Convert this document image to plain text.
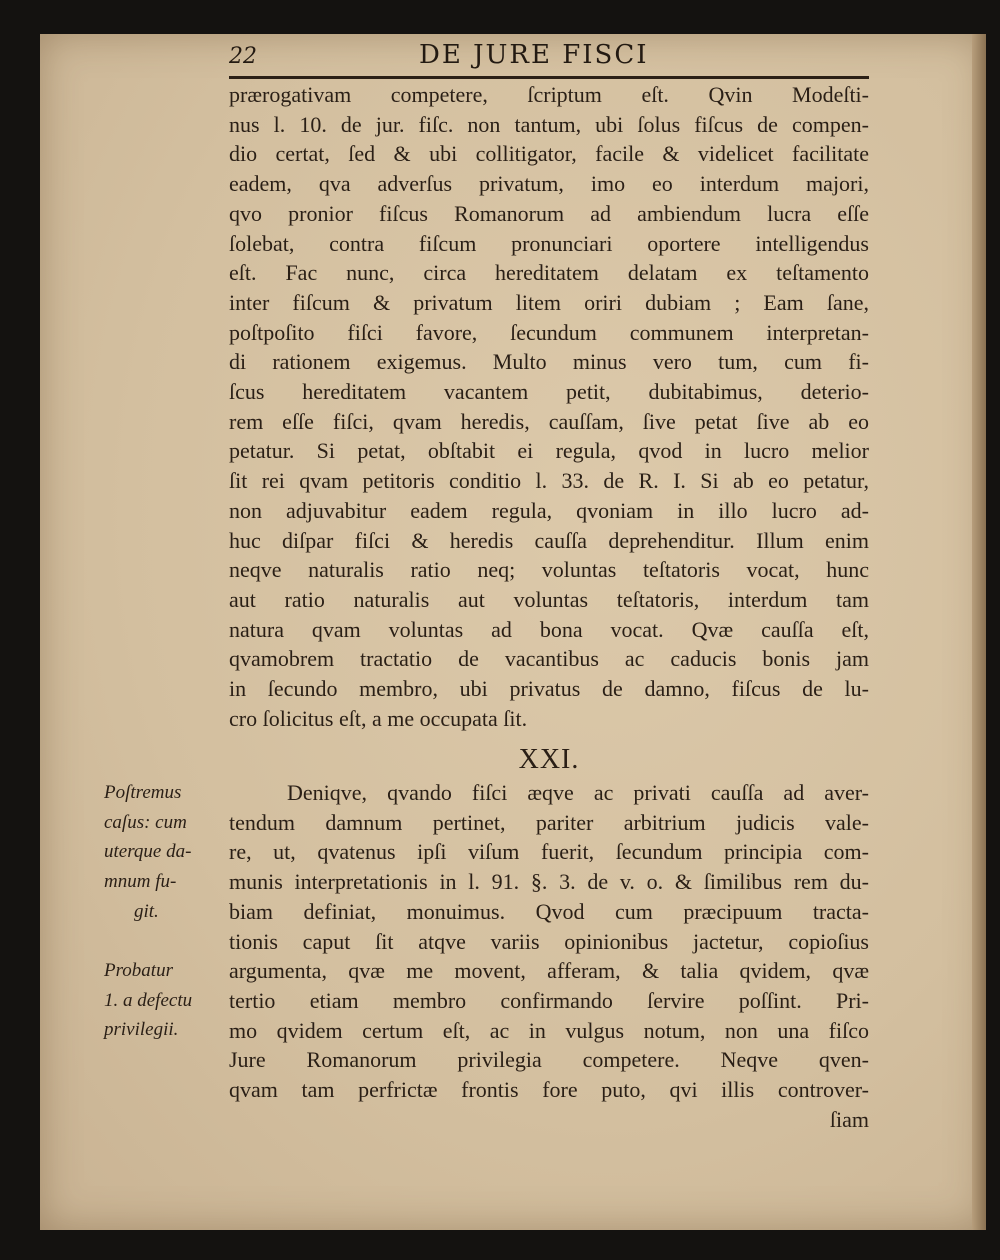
22	DE JURE FISCI
prærogativam competere, ſcriptum eſt. Qvin Modeſti-
nus l. 10. de jur. fiſc. non tantum, ubi ſolus fiſcus de compen-
dio certat, ſed & ubi collitigator, facile & videlicet facilitate
eadem, qva adverſus privatum, imo eo interdum majori,
qvo pronior fiſcus Romanorum ad ambiendum lucra eſſe
ſolebat, contra fiſcum pronunciari oportere intelligendus
eſt. Fac nunc, circa hereditatem delatam ex teſtamento
inter fiſcum & privatum litem oriri dubiam ; Eam ſane,
poſtpoſito fiſci favore, ſecundum communem interpretan-
di rationem exigemus. Multo minus vero tum, cum fi-
ſcus hereditatem vacantem petit, dubitabimus, deterio-
rem eſſe fiſci, qvam heredis, cauſſam, ſive petat ſive ab eo
petatur. Si petat, obſtabit ei regula, qvod in lucro melior
ſit rei qvam petitoris conditio l. 33. de R. I. Si ab eo petatur,
non adjuvabitur eadem regula, qvoniam in illo lucro ad-
huc diſpar fiſci & heredis cauſſa deprehenditur. Illum enim
neqve naturalis ratio neq; voluntas teſtatoris vocat, hunc
aut ratio naturalis aut voluntas teſtatoris, interdum tam
natura qvam voluntas ad bona vocat. Qvæ cauſſa eſt,
qvamobrem tractatio de vacantibus ac caducis bonis jam
in ſecundo membro, ubi privatus de damno, fiſcus de lu-
cro ſolicitus eſt, a me occupata ſit.
XXI.
Poſtremus
caſus: cum
uterque da-
mnum fu-
git.
Probatur
1. a defectu
privilegii.
Deniqve, qvando fiſci æqve ac privati cauſſa ad aver-
tendum damnum pertinet, pariter arbitrium judicis vale-
re, ut, qvatenus ipſi viſum fuerit, ſecundum principia com-
munis interpretationis in l. 91. §. 3. de v. o. & ſimilibus rem du-
biam definiat, monuimus. Qvod cum præcipuum tracta-
tionis caput ſit atqve variis opinionibus jactetur, copioſius
argumenta, qvæ me movent, afferam, & talia qvidem, qvæ
tertio etiam membro confirmando ſervire poſſint. Pri-
mo qvidem certum eſt, ac in vulgus notum, non una fiſco
Jure Romanorum privilegia competere. Neqve qven-
qvam tam perfrictæ frontis fore puto, qvi illis controver-
ſiam
